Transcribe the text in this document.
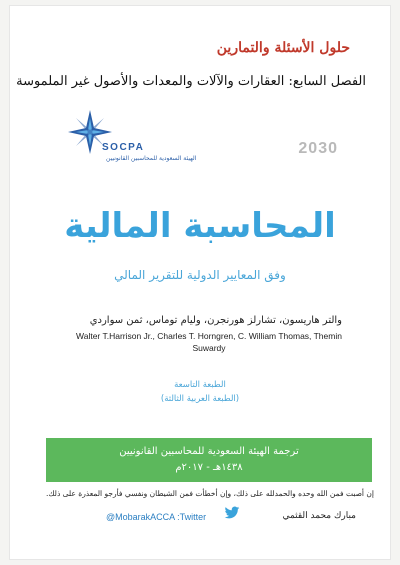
حلول الأسئلة والتمارين
الفصل السابع: العقارات والآلات والمعدات والأصول غير الملموسة
SOCPA
الهيئة السعودية للمحاسبين القانونيين
2030
المحاسبة المالية
وفق المعايير الدولية للتقرير المالي
والتر هاريسون، تشارلز هورنجرن، وليام توماس، ثمن سواردي
Walter T.Harrison Jr., Charles T. Horngren, C. William Thomas, Themin Suwardy
الطبعة التاسعة
(الطبعة العربية الثالثة)
ترجمة الهيئة السعودية للمحاسبين القانونيين
١٤٣٨هـ - ٢٠١٧م
إن أصبت فمن الله وحده والحمدلله على ذلك، وإن أخطأت فمن الشيطان ونفسي فأرجو المعذرة على ذلك.
@MobarakACCA :Twitter	مبارك محمد القثمي
